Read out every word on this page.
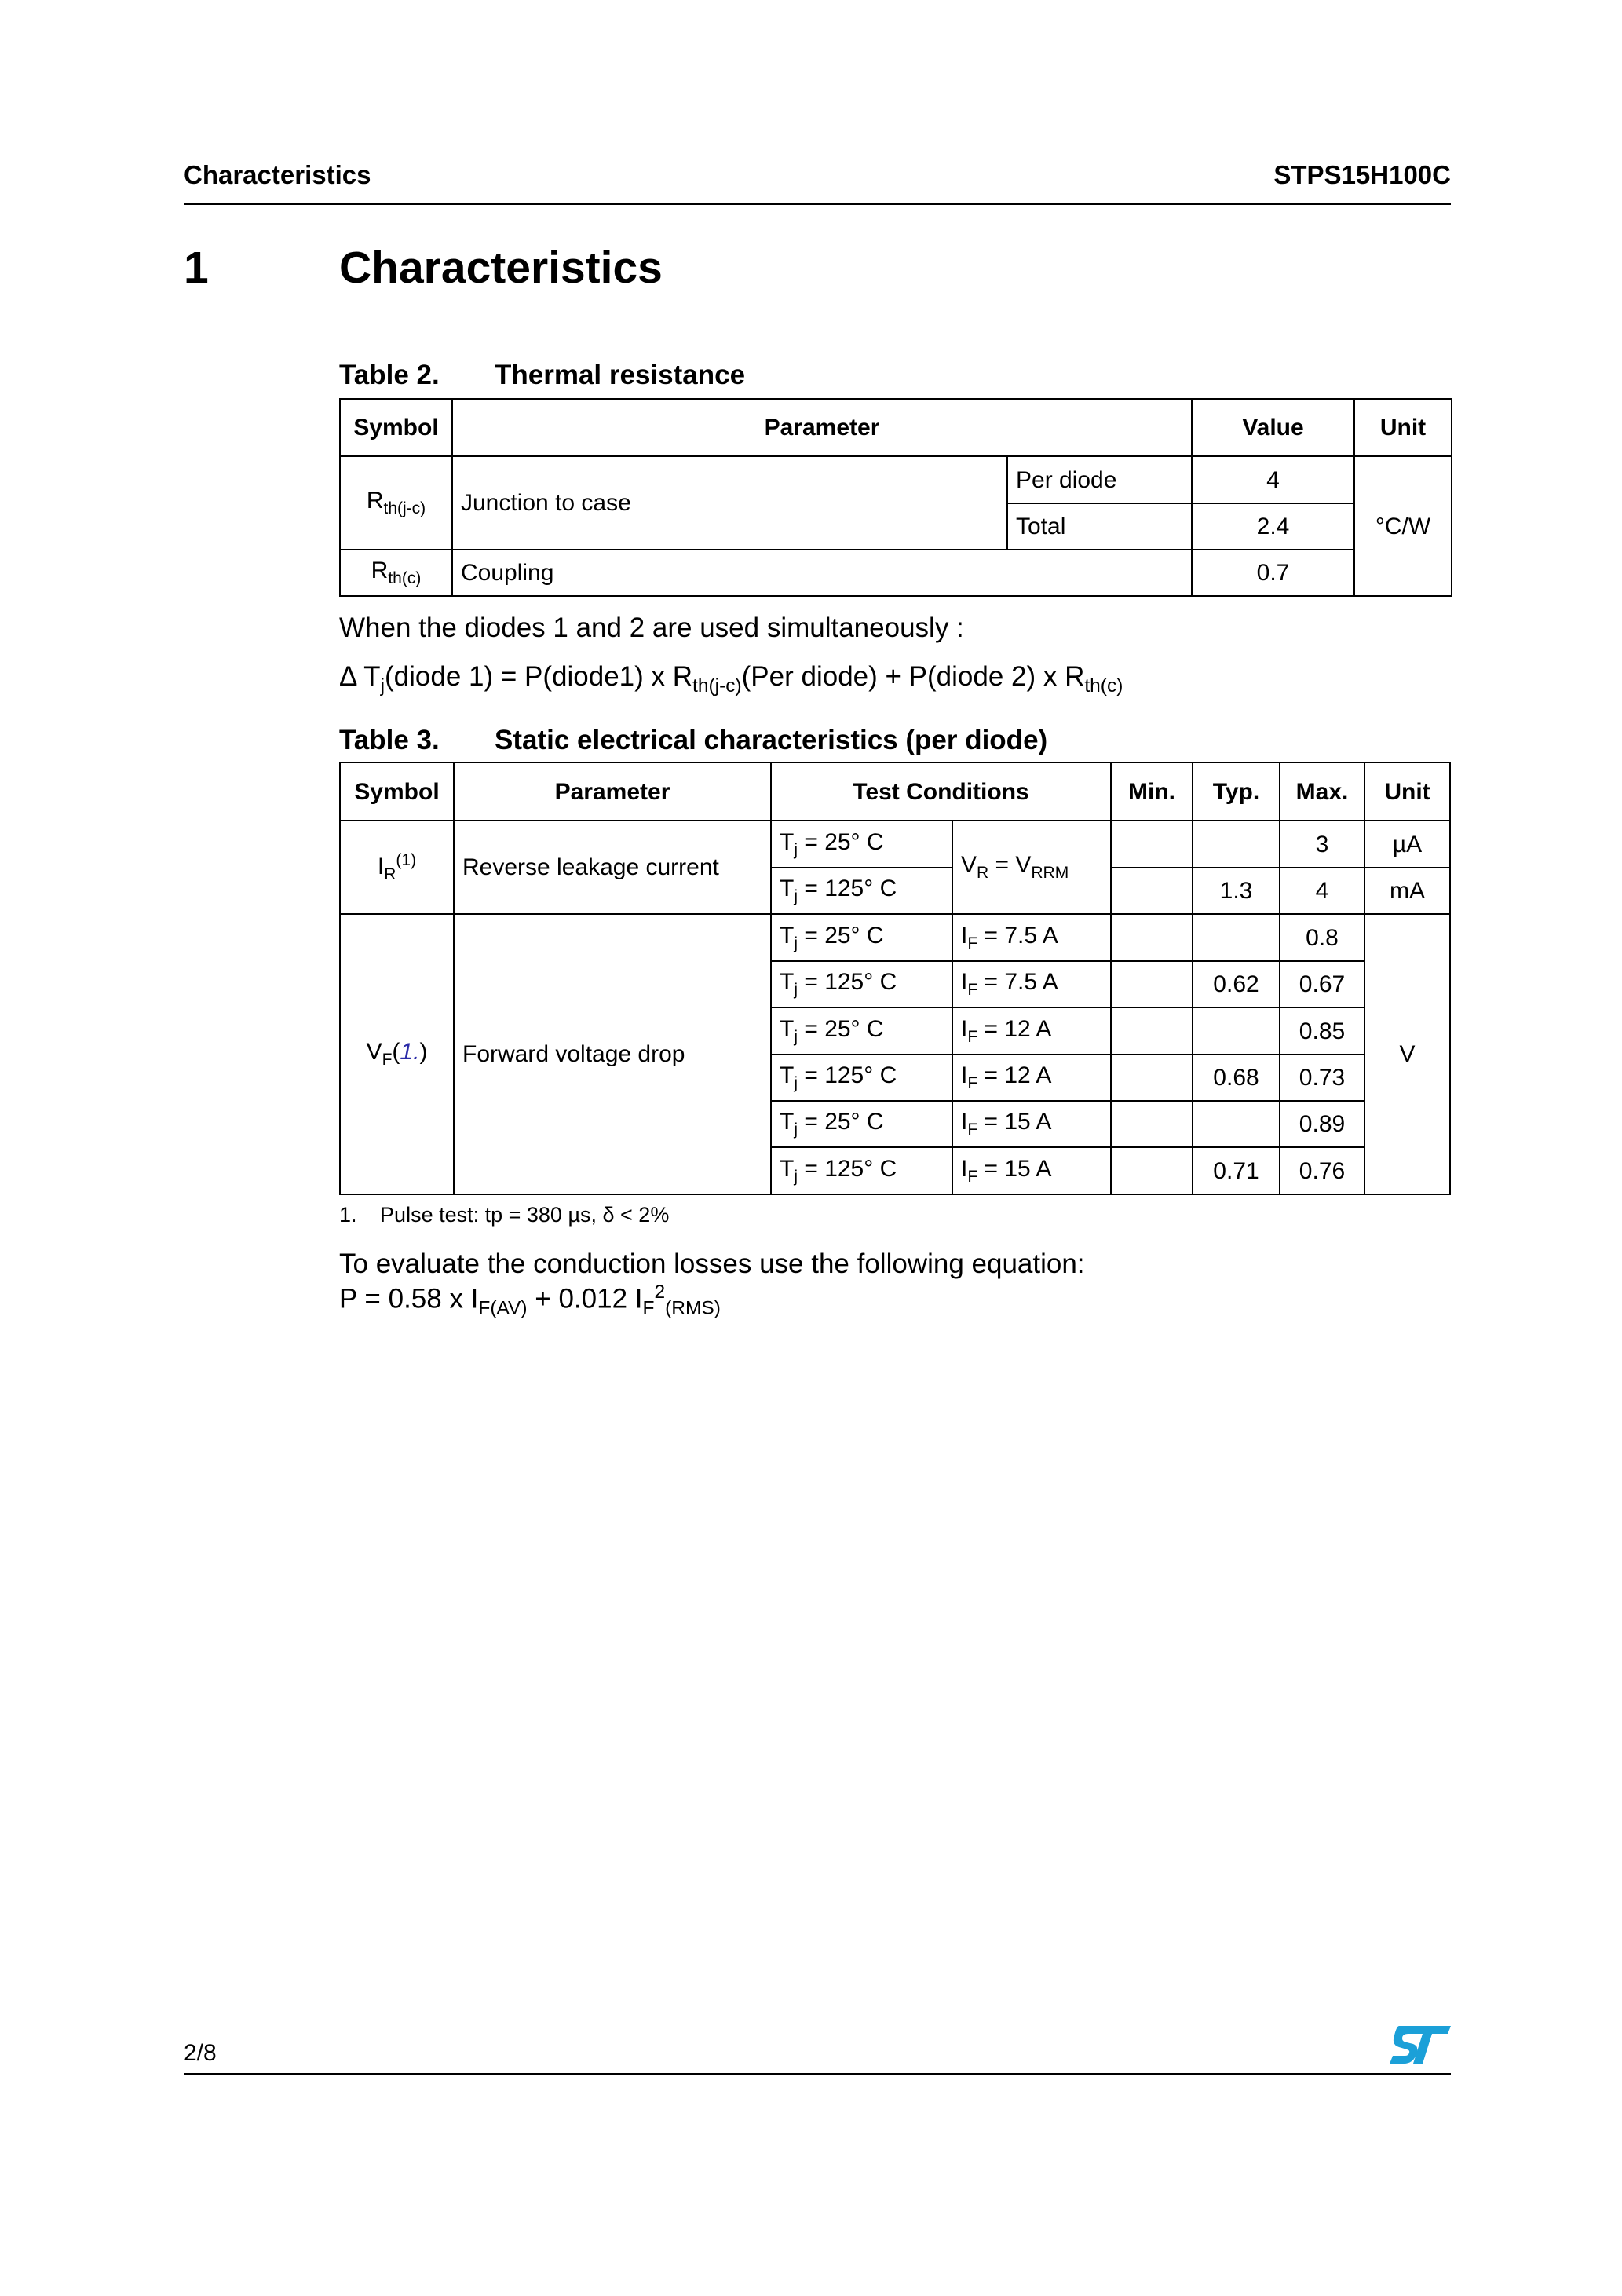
Characteristics	STPS15H100C
1	Characteristics
Table 2. Thermal resistance
Symbol	Parameter		Value	Unit
$R_{th(j-c)}$	Junction to case	Per diode	4	°C/W
		Total	2.4	
$R_{th(c)}$	Coupling		0.7	
When the diodes 1 and 2 are used simultaneously :
Δ $T_j(diode$ 1) = P(diode1) x $R_{th(j-c)}(Per$ diode) + P(diode 2) x $R_{th(c)}$
Table 3. Static electrical characteristics (per diode)
Symbol	Parameter	Test Conditions		Min.	Typ.	Max.	Unit
$I_R^{(1)}$	Reverse leakage current	$T_j = 25^\circ$ C	$V_R = V_{RRM}$			3	µA
		$T_j = 125^\circ$ C			1.3	4	mA
$V_F(1.)$	Forward voltage drop	$T_j = 25^\circ$ C	$I_F = 7.5$ A			0.8	V
		$T_j = 125^\circ$ C	$I_F = 7.5$ A		0.62	0.67	
		$T_j = 25^\circ$ C	$I_F = 12$ A			0.85	
		$T_j = 125^\circ$ C	$I_F = 12$ A		0.68	0.73	
		$T_j = 25^\circ$ C	$I_F = 15$ A			0.89	
		$T_j = 125^\circ$ C	$I_F = 15$ A		0.71	0.76	
1. Pulse test: tp = 380 µs, δ < 2%
To evaluate the conduction losses use the following equation:
P = 0.58 x $I_{F(AV)} + 0.012$ $I_F^2_{(RMS)}$
2/8
